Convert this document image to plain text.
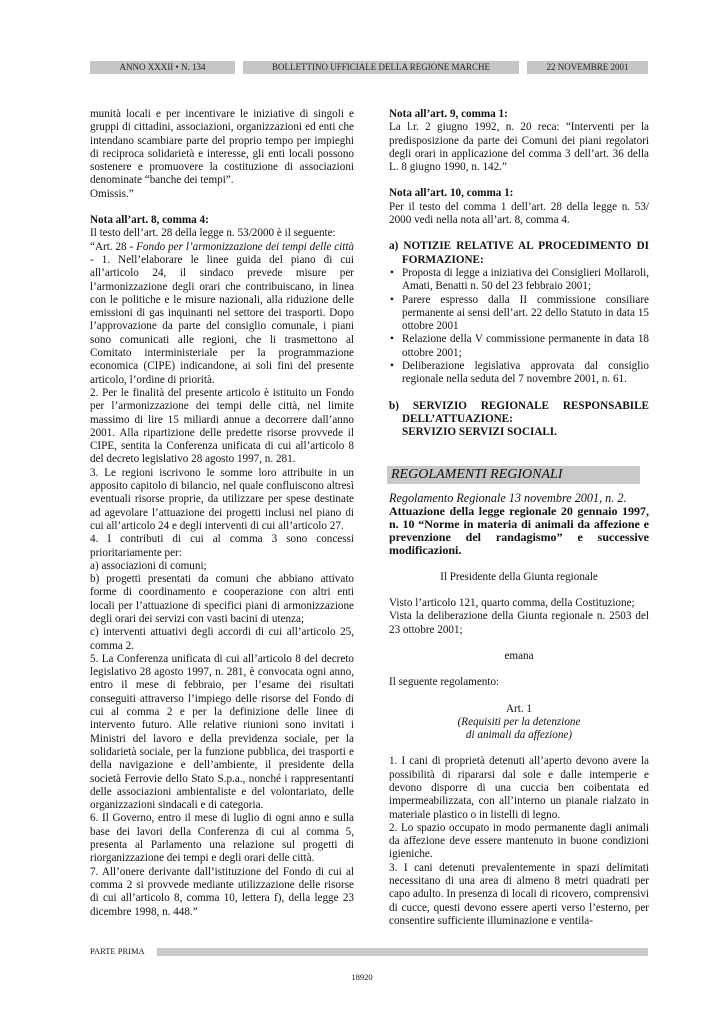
ANNO XXXII • N. 134	BOLLETTINO UFFICIALE DELLA REGIONE MARCHE	22 NOVEMBRE 2001

munità locali e per incentivare le iniziative di singoli e gruppi di cittadini, associazioni, organizzazioni ed enti che intendano scambiare parte del proprio tempo per impieghi di reciproca solidarietà e interesse, gli enti locali possono sostenere e promuovere la costituzione di associazioni denominate “banche dei tempi”.

Omissis.”

Nota all’art. 8, comma 4:

Il testo dell’art. 28 della legge n. 53/2000 è il seguente:

“Art. 28 - Fondo per l’armonizzazione dei tempi delle città - 1. Nell’elaborare le linee guida del piano di cui all’articolo 24, il sindaco prevede misure per l’armonizzazione degli orari che contribuiscano, in linea con le politiche e le misure nazionali, alla riduzione delle emissioni di gas inquinanti nel settore dei trasporti. Dopo l’approvazione da parte del consiglio comunale, i piani sono comunicati alle regioni, che li trasmettono al Comitato interministeriale per la programmazione economica (CIPE) indicandone, ai soli fini del presente articolo, l’ordine di priorità.

2. Per le finalità del presente articolo è istituito un Fondo per l’armonizzazione dei tempi delle città, nel limite massimo di lire 15 miliardi annue a decorrere dall’anno 2001. Alla ripartizione delle predette risorse provvede il CIPE, sentita la Conferenza unificata di cui all’articolo 8 del decreto legislativo 28 agosto 1997, n. 281.

3. Le regioni iscrivono le somme loro attribuite in un apposito capitolo di bilancio, nel quale confluiscono altresì eventuali risorse proprie, da utilizzare per spese destinate ad agevolare l’attuazione dei progetti inclusi nel piano di cui all’articolo 24 e degli interventi di cui all’articolo 27.

4. I contributi di cui al comma 3 sono concessi prioritariamente per:

a) associazioni di comuni;

b) progetti presentati da comuni che abbiano attivato forme di coordinamento e cooperazione con altri enti locali per l’attuazione di specifici piani di armonizzazione degli orari dei servizi con vasti bacini di utenza;

c) interventi attuativi degli accordi di cui all’articolo 25, comma 2.

5. La Conferenza unificata di cui all’articolo 8 del decreto legislativo 28 agosto 1997, n. 281, è convocata ogni anno, entro il mese di febbraio, per l’esame dei risultati conseguiti attraverso l’impiego delle risorse del Fondo di cui al comma 2 e per la definizione delle linee di intervento futuro. Alle relative riunioni sono invitati i Ministri del lavoro e della previdenza sociale, per la solidarietà sociale, per la funzione pubblica, dei trasporti e della navigazione e dell’ambiente, il presidente della società Ferrovie dello Stato S.p.a., nonché i rappresentanti delle associazioni ambientaliste e del volontariato, delle organizzazioni sindacali e di categoria.

6. Il Governo, entro il mese di luglio di ogni anno e sulla base dei lavori della Conferenza di cui al comma 5, presenta al Parlamento una relazione sul progetti di riorganizzazione dei tempi e degli orari delle città.

7. All’onere derivante dall’istituzione del Fondo di cui al comma 2 si provvede mediante utilizzazione delle risorse di cui all’articolo 8, comma 10, lettera f), della legge 23 dicembre 1998, n. 448.”

Nota all’art. 9, comma 1:

La l.r. 2 giugno 1992, n. 20 reca: “Interventi per la predisposizione da parte dei Comuni dei piani regolatori degli orari in applicazione del comma 3 dell’art. 36 della L. 8 giugno 1990, n. 142.”

Nota all’art. 10, comma 1:

Per il testo del comma 1 dell’art. 28 della legge n. 53/ 2000 vedi nella nota all’art. 8, comma 4.

a) NOTIZIE RELATIVE AL PROCEDIMENTO DI FORMAZIONE:

• Proposta di legge a iniziativa dei Consiglieri Mollaroli, Amati, Benatti n. 50 del 23 febbraio 2001;
• Parere espresso dalla II commissione consiliare permanente ai sensi dell’art. 22 dello Statuto in data 15 ottobre 2001
• Relazione della V commissione permanente in data 18 ottobre 2001;
• Deliberazione legislativa approvata dal consiglio regionale nella seduta del 7 novembre 2001, n. 61.

b) SERVIZIO REGIONALE RESPONSABILE DELL’ATTUAZIONE:

SERVIZIO SERVIZI SOCIALI.

REGOLAMENTI REGIONALI

Regolamento Regionale 13 novembre 2001, n. 2.

Attuazione della legge regionale 20 gennaio 1997, n. 10 “Norme in materia di animali da affezione e prevenzione del randagismo” e successive modificazioni.

Il Presidente della Giunta regionale

Visto l’articolo 121, quarto comma, della Costituzione;

Vista la deliberazione della Giunta regionale n. 2503 del 23 ottobre 2001;

emana

Il seguente regolamento:

Art. 1

(Requisiti per la detenzione

di animali da affezione)

1. I cani di proprietà detenuti all’aperto devono avere la possibilità di ripararsi dal sole e dalle intemperie e devono disporre di una cuccia ben coibentata ed impermeabilizzata, con all’interno un pianale rialzato in materiale plastico o in listelli di legno.

2. Lo spazio occupato in modo permanente dagli animali da affezione deve essere mantenuto in buone condizioni igieniche.

3. I cani detenuti prevalentemente in spazi delimitati necessitano di una area di almeno 8 metri quadrati per capo adulto. In presenza di locali di ricovero, comprensivi di cucce, questi devono essere aperti verso l’esterno, per consentire sufficiente illuminazione e ventila-

PARTE PRIMA
18920
